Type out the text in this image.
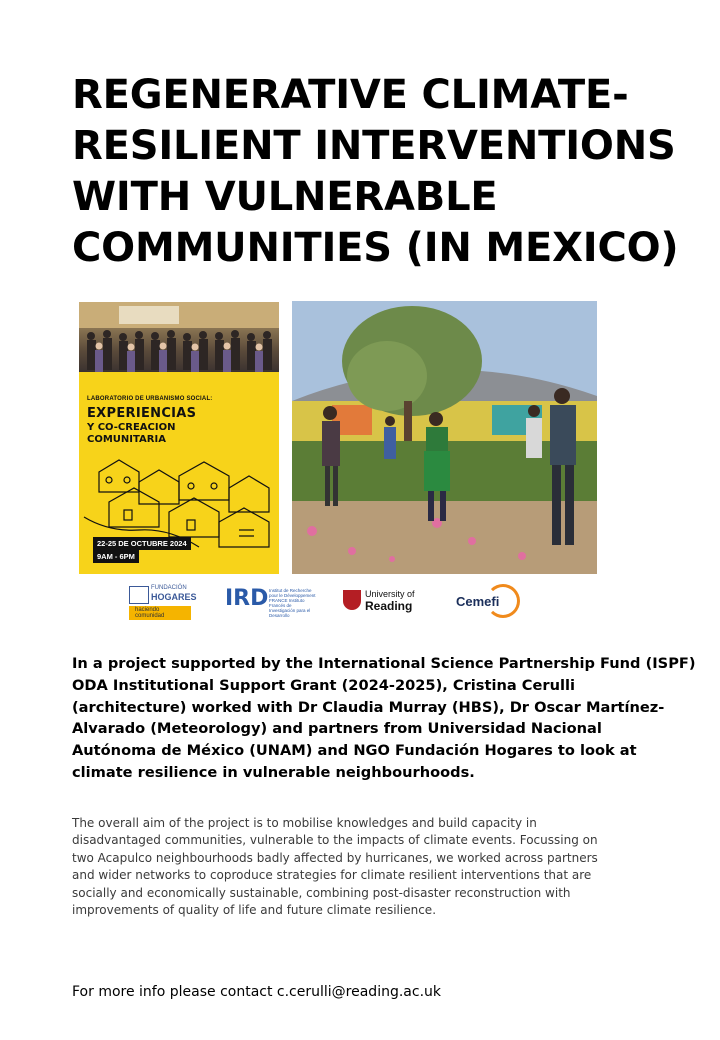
REGENERATIVE CLIMATE-
RESILIENT INTERVENTIONS
WITH VULNERABLE
COMMUNITIES (IN MEXICO)
LABORATORIO DE URBANISMO SOCIAL:
EXPERIENCIAS
Y CO-CREACION
COMUNITARIA
22-25 DE OCTUBRE 2024
9AM - 6PM
FUNDACIÓN
HOGARES
haciendo comunidad
IRD Institut de Recherche pour le Développement FRANCE Instituto Francés de Investigación para el Desarrollo
University of
Reading	Cemefi

In a project supported by the International Science Partnership Fund (ISPF)
ODA Institutional Support Grant (2024-2025), Cristina Cerulli
(architecture) worked with Dr Claudia Murray (HBS), Dr Oscar Martínez-
Alvarado (Meteorology) and partners from Universidad Nacional
Autónoma de México (UNAM) and NGO Fundación Hogares to look at
climate resilience in vulnerable neighbourhoods.

The overall aim of the project is to mobilise knowledges and build capacity in
disadvantaged communities, vulnerable to the impacts of climate events. Focussing on
two Acapulco neighbourhoods badly affected by hurricanes, we worked across partners
and wider networks to coproduce strategies for climate resilient interventions that are
socially and economically sustainable, combining post-disaster reconstruction with
improvements of quality of life and future climate resilience.

For more info please contact c.cerulli@reading.ac.uk
